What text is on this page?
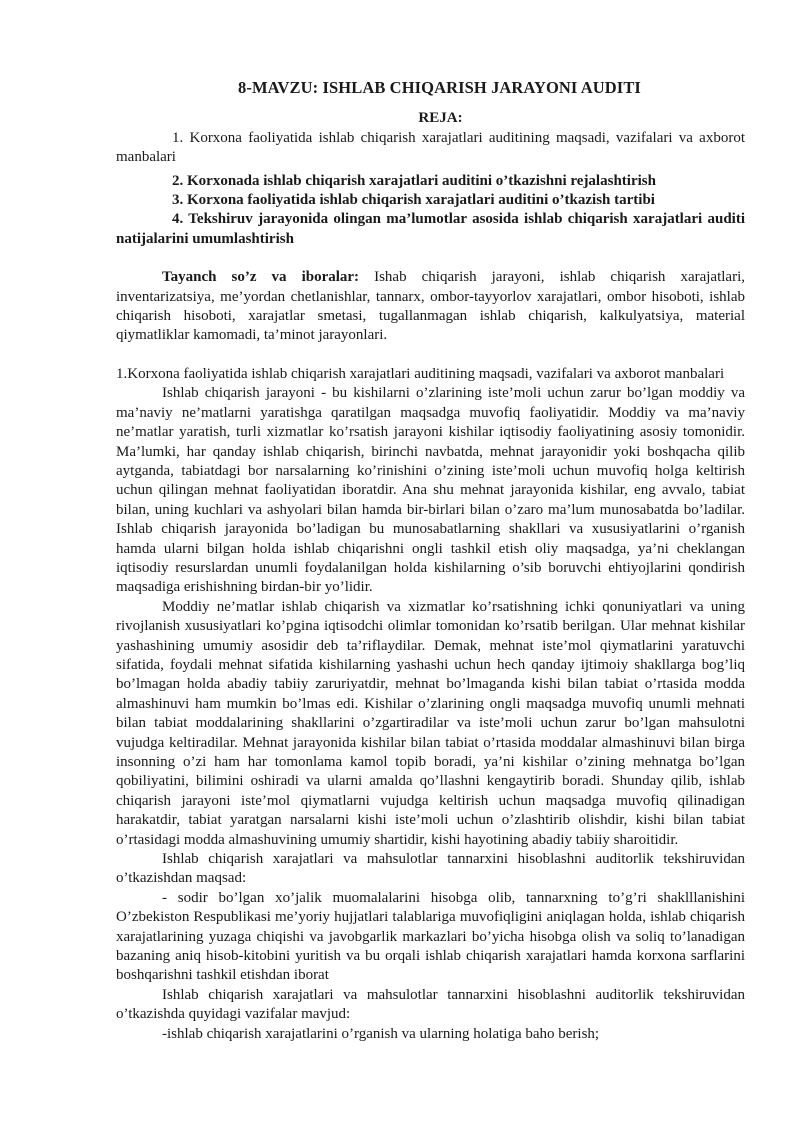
8-MAVZU: ISHLAB CHIQARISH JARAYONI AUDITI
REJA:

1. Korxona faoliyatida ishlab chiqarish xarajatlari auditining maqsadi, vazifalari va axborot manbalari

2. Korxonada ishlab chiqarish xarajatlari auditini o’tkazishni rejalashtirish

3. Korxona faoliyatida ishlab chiqarish xarajatlari auditini o’tkazish tartibi

4. Tekshiruv jarayonida olingan ma’lumotlar asosida ishlab chiqarish xarajatlari auditi natijalarini umumlashtirish

Tayanch so’z va iboralar: Ishab chiqarish jarayoni, ishlab chiqarish xarajatlari, inventarizatsiya, me’yordan chetlanishlar, tannarx, ombor-tayyorlov xarajatlari, ombor hisoboti, ishlab chiqarish hisoboti, xarajatlar smetasi, tugallanmagan ishlab chiqarish, kalkulyatsiya, material qiymatliklar kamomadi, ta’minot jarayonlari.

1.Korxona faoliyatida ishlab chiqarish xarajatlari auditining maqsadi, vazifalari va axborot manbalari

Ishlab chiqarish jarayoni - bu kishilarni o’zlarining iste’moli uchun zarur bo’lgan moddiy va ma’naviy ne’matlarni yaratishga qaratilgan maqsadga muvofiq faoliyatidir. Moddiy va ma’naviy ne’matlar yaratish, turli xizmatlar ko’rsatish jarayoni kishilar iqtisodiy faoliyatining asosiy tomonidir. Ma’lumki, har qanday ishlab chiqarish, birinchi navbatda, mehnat jarayonidir yoki boshqacha qilib aytganda, tabiatdagi bor narsalarning ko’rinishini o’zining iste’moli uchun muvofiq holga keltirish uchun qilingan mehnat faoliyatidan iboratdir. Ana shu mehnat jarayonida kishilar, eng avvalo, tabiat bilan, uning kuchlari va ashyolari bilan hamda bir-birlari bilan o’zaro ma’lum munosabatda bo’ladilar. Ishlab chiqarish jarayonida bo’ladigan bu munosabatlarning shakllari va xususiyatlarini o’rganish hamda ularni bilgan holda ishlab chiqarishni ongli tashkil etish oliy maqsadga, ya’ni cheklangan iqtisodiy resurslardan unumli foydalanilgan holda kishilarning o’sib boruvchi ehtiyojlarini qondirish maqsadiga erishishning birdan-bir yo’lidir.

Moddiy ne’matlar ishlab chiqarish va xizmatlar ko’rsatishning ichki qonuniyatlari va uning rivojlanish xususiyatlari ko’pgina iqtisodchi olimlar tomonidan ko’rsatib berilgan. Ular mehnat kishilar yashashining umumiy asosidir deb ta’riflaydilar. Demak, mehnat iste’mol qiymatlarini yaratuvchi sifatida, foydali mehnat sifatida kishilarning yashashi uchun hech qanday ijtimoiy shakllarga bog’liq bo’lmagan holda abadiy tabiiy zaruriyatdir, mehnat bo’lmaganda kishi bilan tabiat o’rtasida modda almashinuvi ham mumkin bo’lmas edi. Kishilar o’zlarining ongli maqsadga muvofiq unumli mehnati bilan tabiat moddalarining shakllarini o’zgartiradilar va iste’moli uchun zarur bo’lgan mahsulotni vujudga keltiradilar. Mehnat jarayonida kishilar bilan tabiat o’rtasida moddalar almashinuvi bilan birga insonning o’zi ham har tomonlama kamol topib boradi, ya’ni kishilar o’zining mehnatga bo’lgan qobiliyatini, bilimini oshiradi va ularni amalda qo’llashni kengaytirib boradi. Shunday qilib, ishlab chiqarish jarayoni iste’mol qiymatlarni vujudga keltirish uchun maqsadga muvofiq qilinadigan harakatdir, tabiat yaratgan narsalarni kishi iste’moli uchun o’zlashtirib olishdir, kishi bilan tabiat o’rtasidagi modda almashuvining umumiy shartidir, kishi hayotining abadiy tabiiy sharoitidir.

Ishlab chiqarish xarajatlari va mahsulotlar tannarxini hisoblashni auditorlik tekshiruvidan o’tkazishdan maqsad:

- sodir bo’lgan xo’jalik muomalalarini hisobga olib, tannarxning to’g’ri shaklllanishini O’zbekiston Respublikasi me’yoriy hujjatlari talablariga muvofiqligini aniqlagan holda, ishlab chiqarish xarajatlarining yuzaga chiqishi va javobgarlik markazlari bo’yicha hisobga olish va soliq to’lanadigan bazaning aniq hisob-kitobini yuritish va bu orqali ishlab chiqarish xarajatlari hamda korxona sarflarini boshqarishni tashkil etishdan iborat

Ishlab chiqarish xarajatlari va mahsulotlar tannarxini hisoblashni auditorlik tekshiruvidan o’tkazishda quyidagi vazifalar mavjud:

-ishlab chiqarish xarajatlarini o’rganish va ularning holatiga baho berish;
